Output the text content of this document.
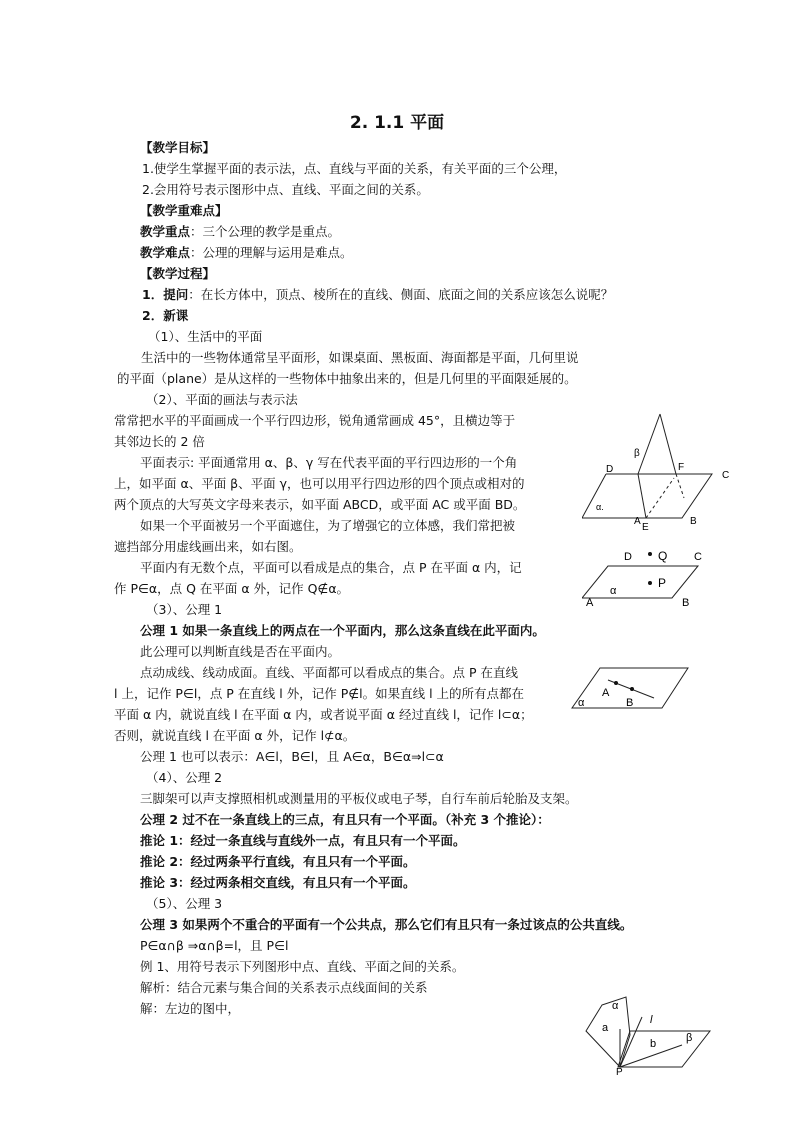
2. 1.1 平面
【教学目标】
1.使学生掌握平面的表示法，点、直线与平面的关系，有关平面的三个公理，
2.会用符号表示图形中点、直线、平面之间的关系。
【教学重难点】
教学重点：三个公理的教学是重点。
教学难点：公理的理解与运用是难点。
【教学过程】
1．提问：在长方体中，顶点、棱所在的直线、侧面、底面之间的关系应该怎么说呢？
2．新课
（1）、生活中的平面
生活中的一些物体通常呈平面形，如课桌面、黑板面、海面都是平面，几何里说
的平面（plane）是从这样的一些物体中抽象出来的，但是几何里的平面限延展的。
（2）、平面的画法与表示法
常常把水平的平面画成一个平行四边形，锐角通常画成 45°，且横边等于
其邻边长的 2 倍
平面表示: 平面通常用 α、β、γ 写在代表平面的平行四边形的一个角
上，如平面 α、平面 β、平面 γ，也可以用平行四边形的四个顶点或相对的
两个顶点的大写英文字母来表示，如平面 ABCD，或平面 AC 或平面 BD。
如果一个平面被另一个平面遮住，为了增强它的立体感，我们常把被
遮挡部分用虚线画出来，如右图。
平面内有无数个点，平面可以看成是点的集合，点 P 在平面 α 内，记
作 P∈α，点 Q 在平面 α 外，记作 Q∉α。
（3）、公理 1
公理 1 如果一条直线上的两点在一个平面内，那么这条直线在此平面内。
此公理可以判断直线是否在平面内。
点动成线、线动成面。直线、平面都可以看成点的集合。点 P 在直线
l 上，记作 P∈l，点 P 在直线 l 外，记作 P∉l。如果直线 l 上的所有点都在
平面 α 内，就说直线 l 在平面 α 内，或者说平面 α 经过直线 l，记作 l⊂α；
否则，就说直线 l 在平面 α 外，记作 l⊄α。
公理 1 也可以表示：A∈l，B∈l，且 A∈α，B∈α⇒l⊂α
（4）、公理 2
三脚架可以声支撑照相机或测量用的平板仪或电子琴，自行车前后轮胎及支架。
公理 2 过不在一条直线上的三点，有且只有一个平面。（补充 3 个推论）：
推论 1：经过一条直线与直线外一点，有且只有一个平面。
推论 2：经过两条平行直线，有且只有一个平面。
推论 3：经过两条相交直线，有且只有一个平面。
（5）、公理 3
公理 3 如果两个不重合的平面有一个公共点，那么它们有且只有一条过该点的公共直线。
P∈α∩β ⇒α∩β=l，且 P∈l
例 1、用符号表示下列图形中点、直线、平面之间的关系。
解析：结合元素与集合间的关系表示点线面间的关系
解：左边的图中，
β
D	F
C
α.
A
E
B
D Q C
α
P
A	B
A
B
α
α
l
a
b	β
P
